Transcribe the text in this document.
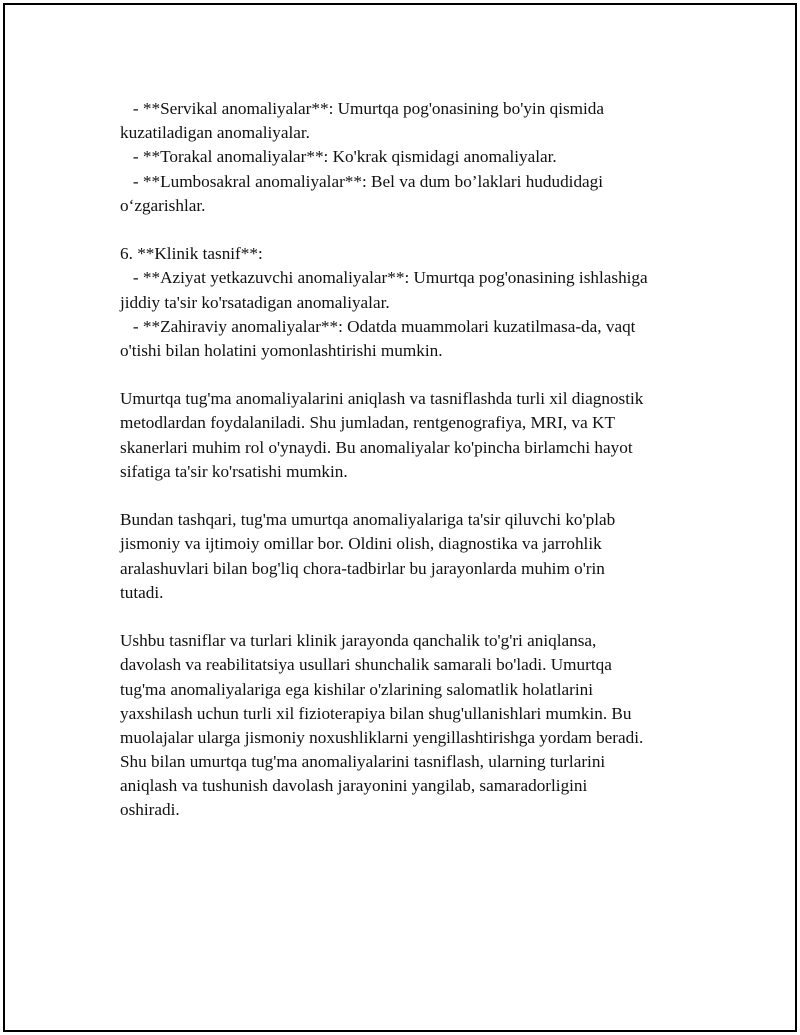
- **Servikal anomaliyalar**: Umurtqa pog'onasining bo'yin qismida
kuzatiladigan anomaliyalar.
- **Torakal anomaliyalar**: Ko'krak qismidagi anomaliyalar.
- **Lumbosakral anomaliyalar**: Bel va dum bo’laklari hududidagi
o‘zgarishlar.
6. **Klinik tasnif**:
- **Aziyat yetkazuvchi anomaliyalar**: Umurtqa pog'onasining ishlashiga
jiddiy ta'sir ko'rsatadigan anomaliyalar.
- **Zahiraviy anomaliyalar**: Odatda muammolari kuzatilmasa-da, vaqt
o'tishi bilan holatini yomonlashtirishi mumkin.
Umurtqa tug'ma anomaliyalarini aniqlash va tasniflashda turli xil diagnostik
metodlardan foydalaniladi. Shu jumladan, rentgenografiya, MRI, va KT
skanerlari muhim rol o'ynaydi. Bu anomaliyalar ko'pincha birlamchi hayot
sifatiga ta'sir ko'rsatishi mumkin.
Bundan tashqari, tug'ma umurtqa anomaliyalariga ta'sir qiluvchi ko'plab
jismoniy va ijtimoiy omillar bor. Oldini olish, diagnostika va jarrohlik
aralashuvlari bilan bog'liq chora-tadbirlar bu jarayonlarda muhim o'rin
tutadi.
Ushbu tasniflar va turlari klinik jarayonda qanchalik to'g'ri aniqlansa,
davolash va reabilitatsiya usullari shunchalik samarali bo'ladi. Umurtqa
tug'ma anomaliyalariga ega kishilar o'zlarining salomatlik holatlarini
yaxshilash uchun turli xil fizioterapiya bilan shug'ullanishlari mumkin. Bu
muolajalar ularga jismoniy noxushliklarni yengillashtirishga yordam beradi.
Shu bilan umurtqa tug'ma anomaliyalarini tasniflash, ularning turlarini
aniqlash va tushunish davolash jarayonini yangilab, samaradorligini
oshiradi.
